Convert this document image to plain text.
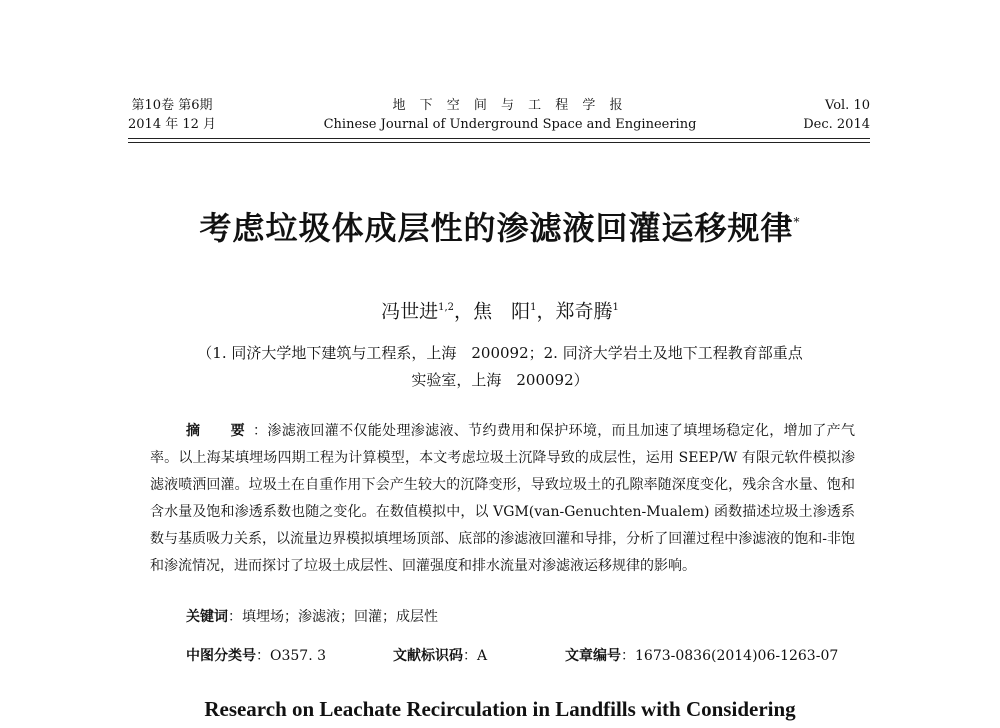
第10卷 第6期
2014 年 12 月
地 下 空 间 与 工 程 学 报
Chinese Journal of Underground Space and Engineering
Vol. 10
Dec. 2014
考虑垃圾体成层性的渗滤液回灌运移规律*
冯世进$^{1,2}$，焦　阳$^1$，郑奇腾$^1$
（1. 同济大学地下建筑与工程系，上海　200092；2. 同济大学岩土及地下工程教育部重点
实验室，上海　200092）
摘　要：渗滤液回灌不仅能处理渗滤液、节约费用和保护环境，而且加速了填埋场稳定化，增加了产气率。以上海某填埋场四期工程为计算模型，本文考虑垃圾土沉降导致的成层性，运用 SEEP/W 有限元软件模拟渗滤液喷洒回灌。垃圾土在自重作用下会产生较大的沉降变形，导致垃圾土的孔隙率随深度变化，残余含水量、饱和含水量及饱和渗透系数也随之变化。在数值模拟中，以 VGM(van-Genuchten-Mualem) 函数描述垃圾土渗透系数与基质吸力关系，以流量边界模拟填埋场顶部、底部的渗滤液回灌和导排，分析了回灌过程中渗滤液的饱和-非饱和渗流情况，进而探讨了垃圾土成层性、回灌强度和排水流量对渗滤液运移规律的影响。
关键词：填埋场；渗滤液；回灌；成层性
中图分类号：O357. 3	文献标识码：A	文章编号：1673-0836(2014)06-1263-07
Research on Leachate Recirculation in Landfills with Considering
